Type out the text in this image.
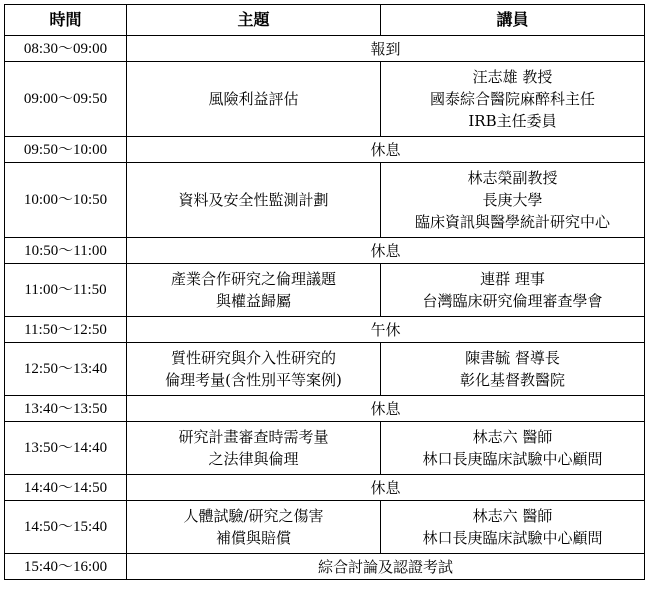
時間	主題	講員
08:30～09:00	報到	
09:00～09:50	風險利益評估	汪志雄 教授
國泰綜合醫院麻醉科主任
IRB主任委員

09:50～10:00	休息	
10:00～10:50	資料及安全性監測計劃	林志榮副教授
長庚大學
臨床資訊與醫學統計研究中心

10:50～11:00	休息	
11:00～11:50	產業合作研究之倫理議題
與權益歸屬	連群 理事
台灣臨床研究倫理審查學會

11:50～12:50	午休	
12:50～13:40	質性研究與介入性研究的
倫理考量(含性別平等案例)	陳書毓 督導長
彰化基督教醫院

13:40～13:50	休息	
13:50～14:40	研究計畫審查時需考量
之法律與倫理	林志六 醫師
林口長庚臨床試驗中心顧問

14:40～14:50	休息	
14:50～15:40	人體試驗/研究之傷害
補償與賠償	林志六 醫師
林口長庚臨床試驗中心顧問

15:40～16:00	綜合討論及認證考試	
